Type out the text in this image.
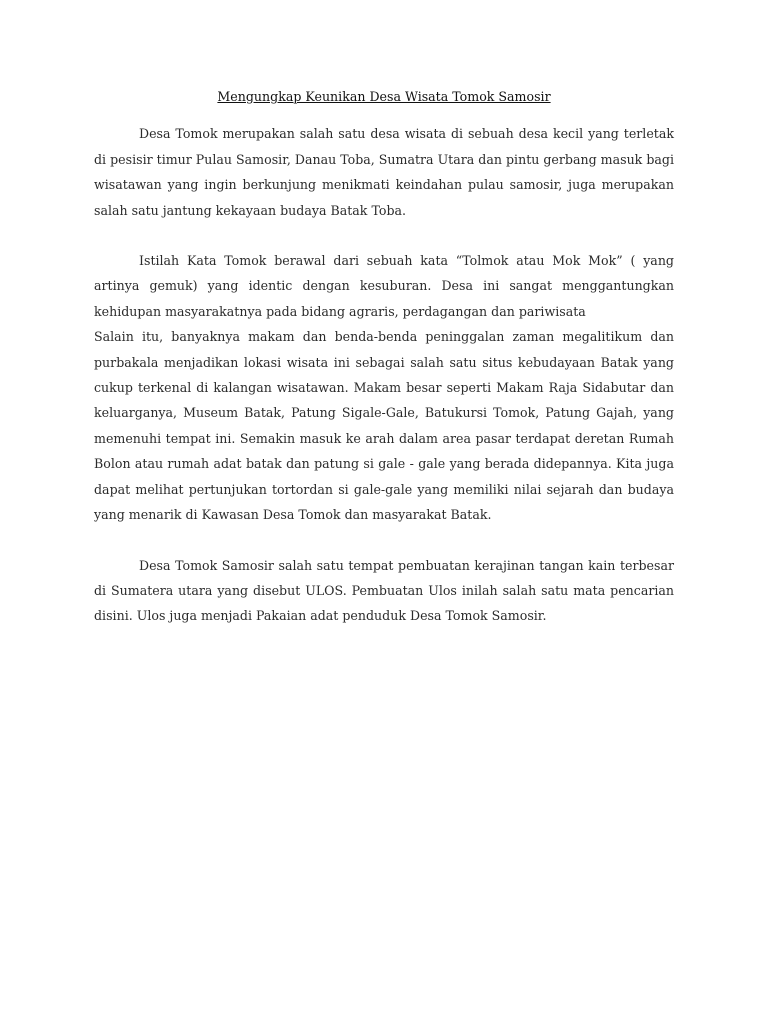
Mengungkap Keunikan Desa Wisata Tomok Samosir

Desa Tomok merupakan salah satu desa wisata di sebuah desa kecil yang terletak di pesisir timur Pulau Samosir, Danau Toba, Sumatra Utara dan pintu gerbang masuk bagi wisatawan yang ingin berkunjung menikmati keindahan pulau samosir, juga merupakan salah satu jantung kekayaan budaya Batak Toba.

Istilah Kata Tomok berawal dari sebuah kata “Tolmok atau Mok Mok” ( yang artinya gemuk) yang identic dengan kesuburan. Desa ini sangat menggantungkan kehidupan masyarakatnya pada bidang agraris, perdagangan dan pariwisata

Salain itu, banyaknya makam dan benda-benda peninggalan zaman megalitikum dan purbakala menjadikan lokasi wisata ini sebagai salah satu situs kebudayaan Batak yang cukup terkenal di kalangan wisatawan. Makam besar seperti Makam Raja Sidabutar dan keluarganya, Museum Batak, Patung Sigale-Gale, Batukursi Tomok, Patung Gajah, yang memenuhi tempat ini. Semakin masuk ke arah dalam area pasar terdapat deretan Rumah Bolon atau rumah adat batak dan patung si gale - gale yang berada didepannya. Kita juga dapat melihat pertunjukan tortordan si gale-gale yang memiliki nilai sejarah dan budaya yang menarik di Kawasan Desa Tomok dan masyarakat Batak.

Desa Tomok Samosir salah satu tempat pembuatan kerajinan tangan kain terbesar di Sumatera utara yang disebut ULOS. Pembuatan Ulos inilah salah satu mata pencarian disini. Ulos juga menjadi Pakaian adat penduduk Desa Tomok Samosir.
